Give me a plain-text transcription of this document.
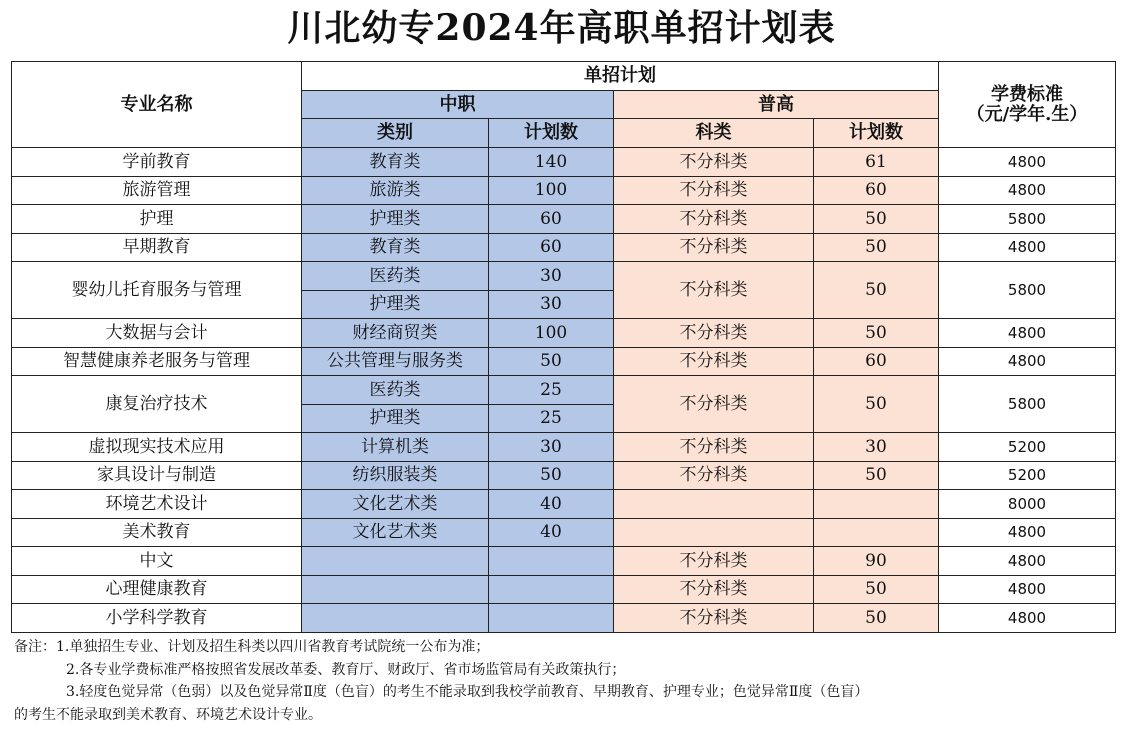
川北幼专2024年高职单招计划表
专业名称	单招计划				学费标准
（元/学年.生）

	中职		普高		
	类别	计划数	科类	计划数	
学前教育	教育类	140	不分科类	61	4800
旅游管理	旅游类	100	不分科类	60	4800
护理	护理类	60	不分科类	50	5800
早期教育	教育类	60	不分科类	50	4800
婴幼儿托育服务与管理	医药类	30	不分科类	50	5800
	护理类	30			
大数据与会计	财经商贸类	100	不分科类	50	4800
智慧健康养老服务与管理	公共管理与服务类	50	不分科类	60	4800
康复治疗技术	医药类	25	不分科类	50	5800
	护理类	25			
虚拟现实技术应用	计算机类	30	不分科类	30	5200
家具设计与制造	纺织服装类	50	不分科类	50	5200
环境艺术设计	文化艺术类	40			8000
美术教育	文化艺术类	40			4800
中文			不分科类	90	4800
心理健康教育			不分科类	50	4800
小学科学教育			不分科类	50	4800
备注：1.单独招生专业、计划及招生科类以四川省教育考试院统一公布为准；
2.各专业学费标准严格按照省发展改革委、教育厅、财政厅、省市场监管局有关政策执行；
3.轻度色觉异常（色弱）以及色觉异常Ⅱ度（色盲）的考生不能录取到我校学前教育、早期教育、护理专业；色觉异常Ⅱ度（色盲）
的考生不能录取到美术教育、环境艺术设计专业。
